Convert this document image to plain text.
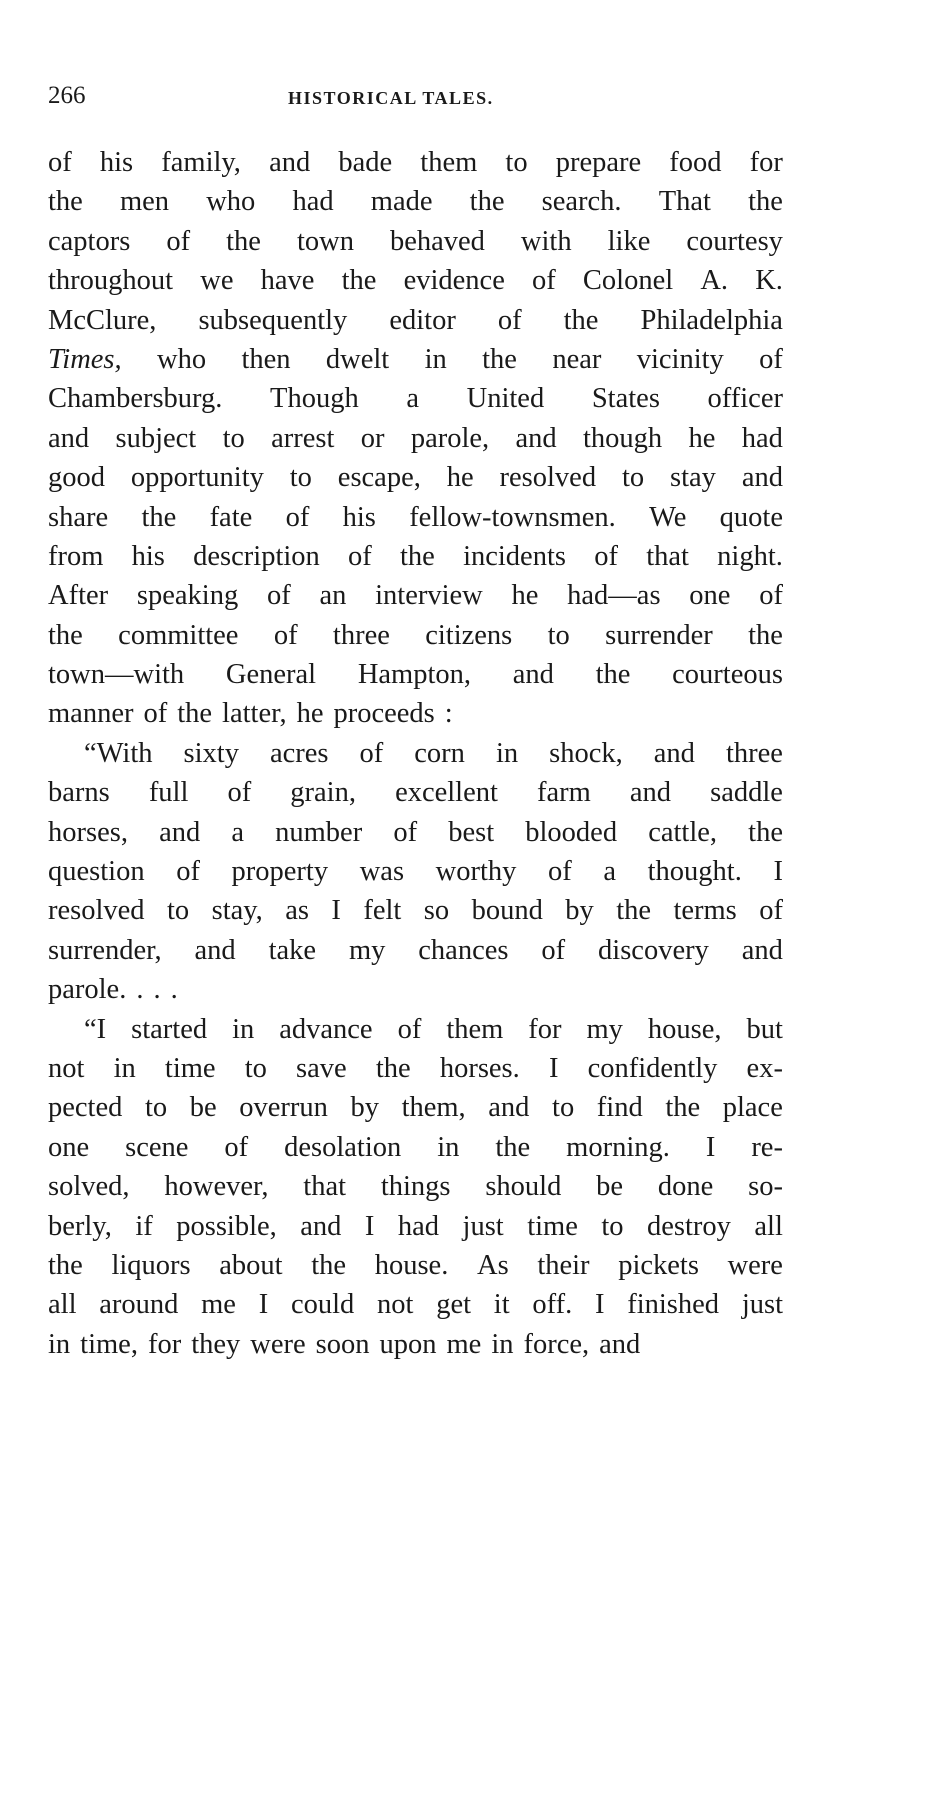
266	HISTORICAL TALES.
of his family, and bade them to prepare food for
the men who had made the search. That the
captors of the town behaved with like courtesy
throughout we have the evidence of Colonel A. K.
McClure, subsequently editor of the Philadelphia
Times, who then dwelt in the near vicinity of
Chambersburg. Though a United States officer
and subject to arrest or parole, and though he had
good opportunity to escape, he resolved to stay and
share the fate of his fellow-townsmen. We quote
from his description of the incidents of that night.
After speaking of an interview he had—as one of
the committee of three citizens to surrender the
town—with General Hampton, and the courteous
manner of the latter, he proceeds :
“With sixty acres of corn in shock, and three
barns full of grain, excellent farm and saddle
horses, and a number of best blooded cattle, the
question of property was worthy of a thought. I
resolved to stay, as I felt so bound by the terms of
surrender, and take my chances of discovery and
parole. . . .
“I started in advance of them for my house, but
not in time to save the horses. I confidently ex-
pected to be overrun by them, and to find the place
one scene of desolation in the morning. I re-
solved, however, that things should be done so-
berly, if possible, and I had just time to destroy all
the liquors about the house. As their pickets were
all around me I could not get it off. I finished just
in time, for they were soon upon me in force, and
